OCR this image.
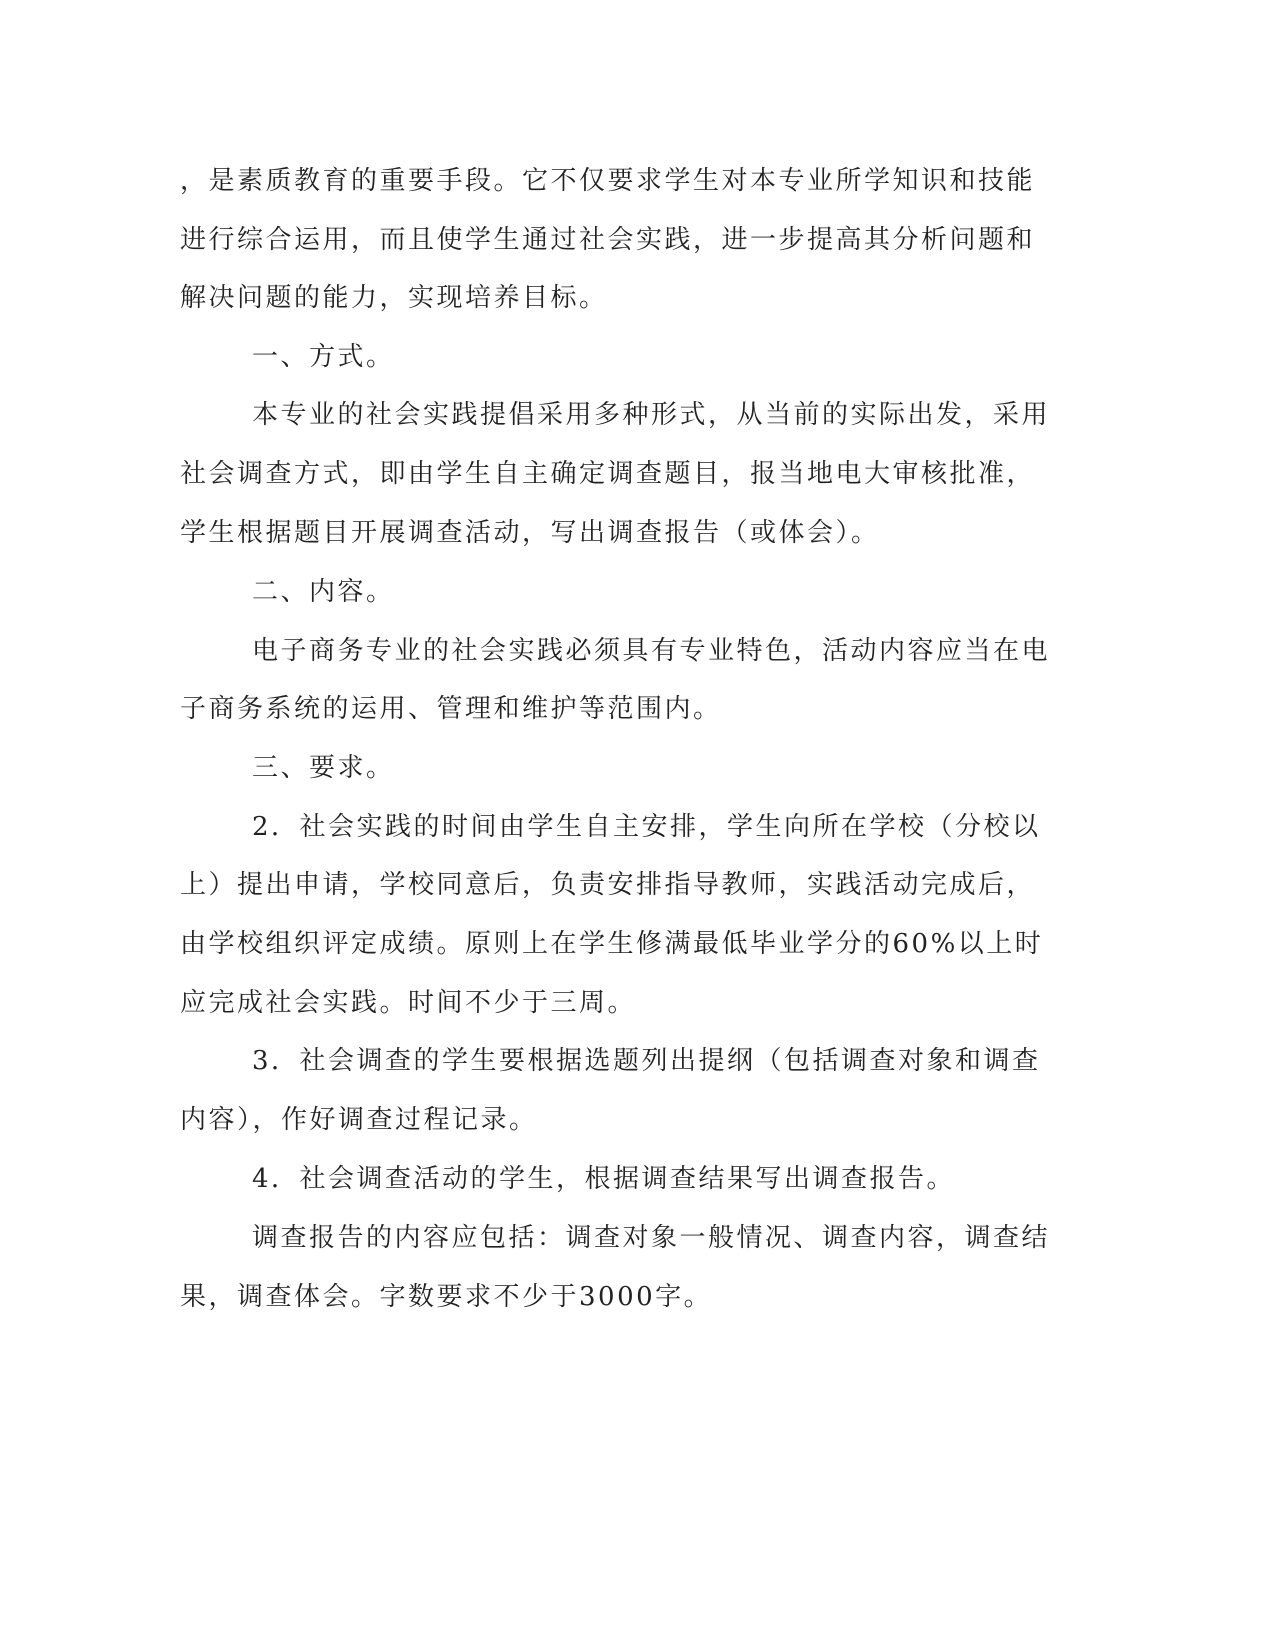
，是素质教育的重要手段。它不仅要求学生对本专业所学知识和技能
进行综合运用，而且使学生通过社会实践，进一步提高其分析问题和
解决问题的能力，实现培养目标。
一、方式。
本专业的社会实践提倡采用多种形式，从当前的实际出发，采用
社会调查方式，即由学生自主确定调查题目，报当地电大审核批准，
学生根据题目开展调查活动，写出调查报告（或体会）。
二、内容。
电子商务专业的社会实践必须具有专业特色，活动内容应当在电
子商务系统的运用、管理和维护等范围内。
三、要求。
2．社会实践的时间由学生自主安排，学生向所在学校（分校以
上）提出申请，学校同意后，负责安排指导教师，实践活动完成后，
由学校组织评定成绩。原则上在学生修满最低毕业学分的60%以上时
应完成社会实践。时间不少于三周。
3．社会调查的学生要根据选题列出提纲（包括调查对象和调查
内容），作好调查过程记录。
4．社会调查活动的学生，根据调查结果写出调查报告。
调查报告的内容应包括：调查对象一般情况、调查内容，调查结
果，调查体会。字数要求不少于3000字。
